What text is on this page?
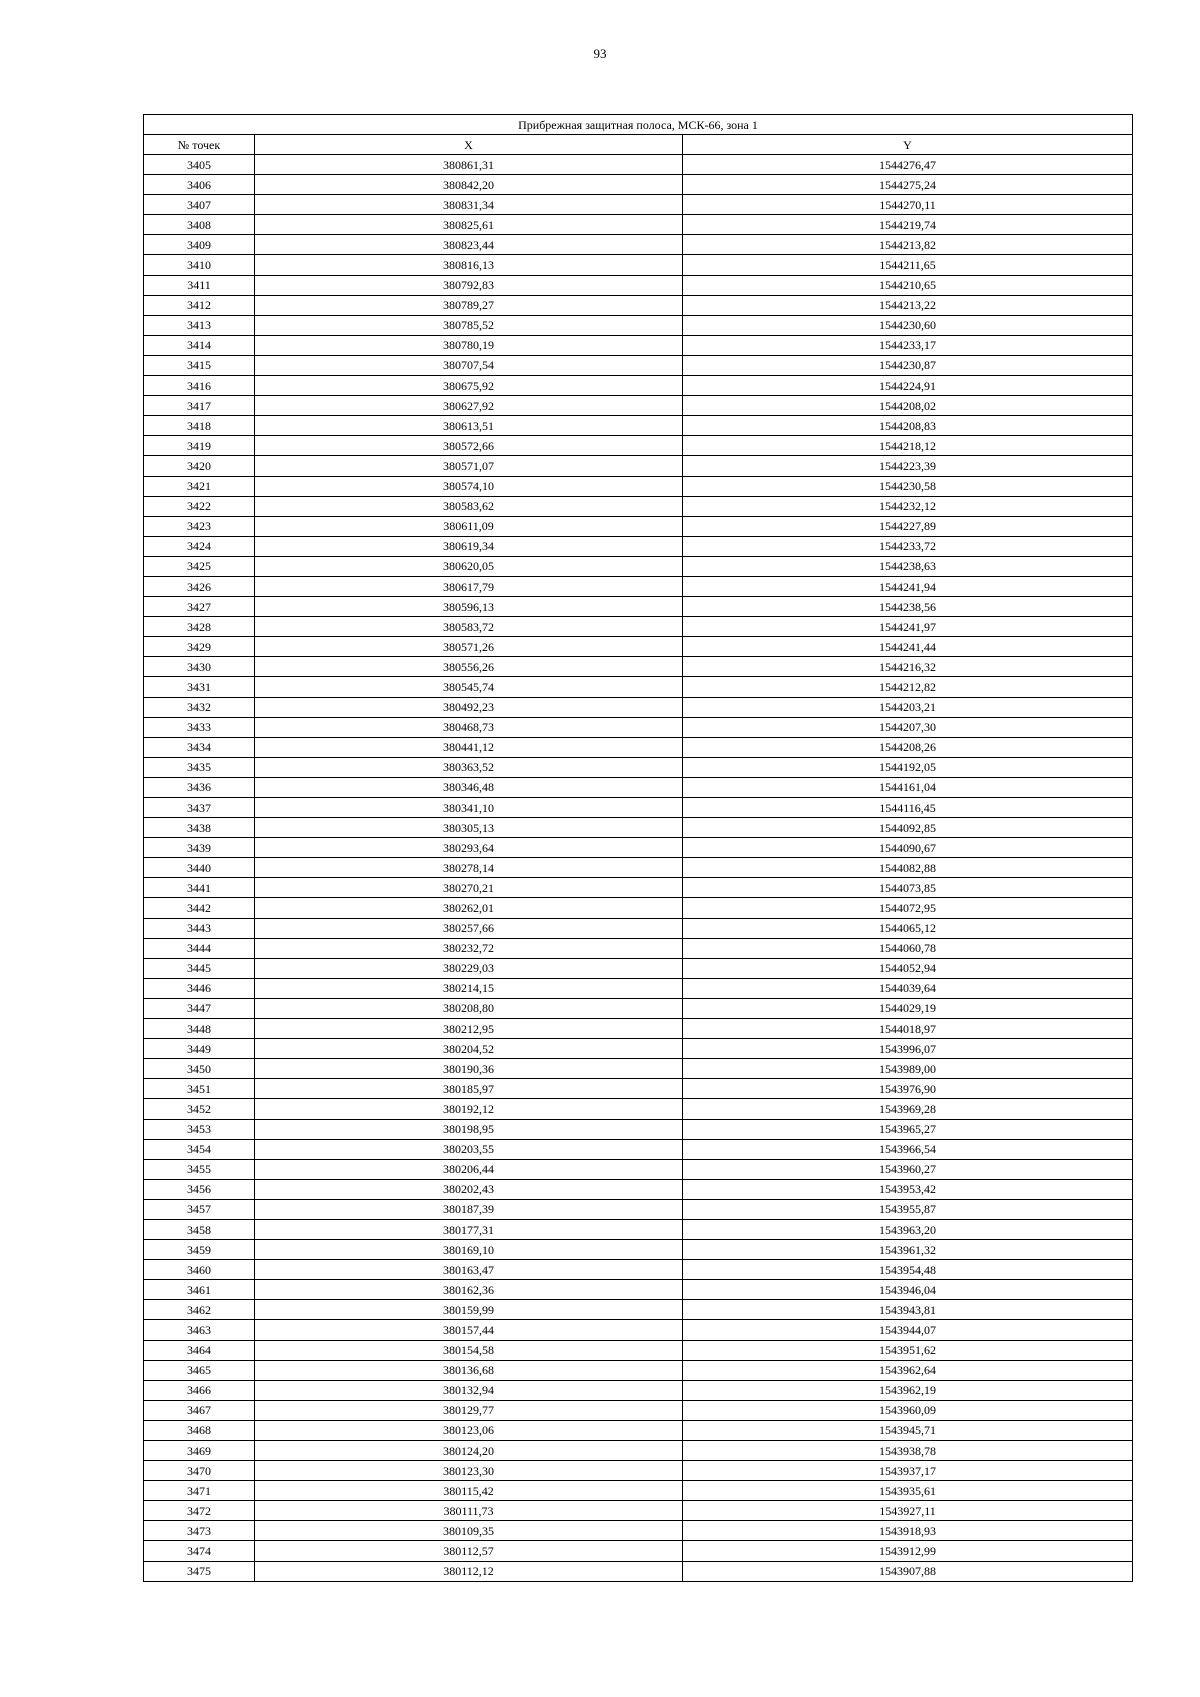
93
Прибрежная защитная полоса, МСК-66, зона 1		
№ точек	X	Y
3405	380861,31	1544276,47
3406	380842,20	1544275,24
3407	380831,34	1544270,11
3408	380825,61	1544219,74
3409	380823,44	1544213,82
3410	380816,13	1544211,65
3411	380792,83	1544210,65
3412	380789,27	1544213,22
3413	380785,52	1544230,60
3414	380780,19	1544233,17
3415	380707,54	1544230,87
3416	380675,92	1544224,91
3417	380627,92	1544208,02
3418	380613,51	1544208,83
3419	380572,66	1544218,12
3420	380571,07	1544223,39
3421	380574,10	1544230,58
3422	380583,62	1544232,12
3423	380611,09	1544227,89
3424	380619,34	1544233,72
3425	380620,05	1544238,63
3426	380617,79	1544241,94
3427	380596,13	1544238,56
3428	380583,72	1544241,97
3429	380571,26	1544241,44
3430	380556,26	1544216,32
3431	380545,74	1544212,82
3432	380492,23	1544203,21
3433	380468,73	1544207,30
3434	380441,12	1544208,26
3435	380363,52	1544192,05
3436	380346,48	1544161,04
3437	380341,10	1544116,45
3438	380305,13	1544092,85
3439	380293,64	1544090,67
3440	380278,14	1544082,88
3441	380270,21	1544073,85
3442	380262,01	1544072,95
3443	380257,66	1544065,12
3444	380232,72	1544060,78
3445	380229,03	1544052,94
3446	380214,15	1544039,64
3447	380208,80	1544029,19
3448	380212,95	1544018,97
3449	380204,52	1543996,07
3450	380190,36	1543989,00
3451	380185,97	1543976,90
3452	380192,12	1543969,28
3453	380198,95	1543965,27
3454	380203,55	1543966,54
3455	380206,44	1543960,27
3456	380202,43	1543953,42
3457	380187,39	1543955,87
3458	380177,31	1543963,20
3459	380169,10	1543961,32
3460	380163,47	1543954,48
3461	380162,36	1543946,04
3462	380159,99	1543943,81
3463	380157,44	1543944,07
3464	380154,58	1543951,62
3465	380136,68	1543962,64
3466	380132,94	1543962,19
3467	380129,77	1543960,09
3468	380123,06	1543945,71
3469	380124,20	1543938,78
3470	380123,30	1543937,17
3471	380115,42	1543935,61
3472	380111,73	1543927,11
3473	380109,35	1543918,93
3474	380112,57	1543912,99
3475	380112,12	1543907,88
